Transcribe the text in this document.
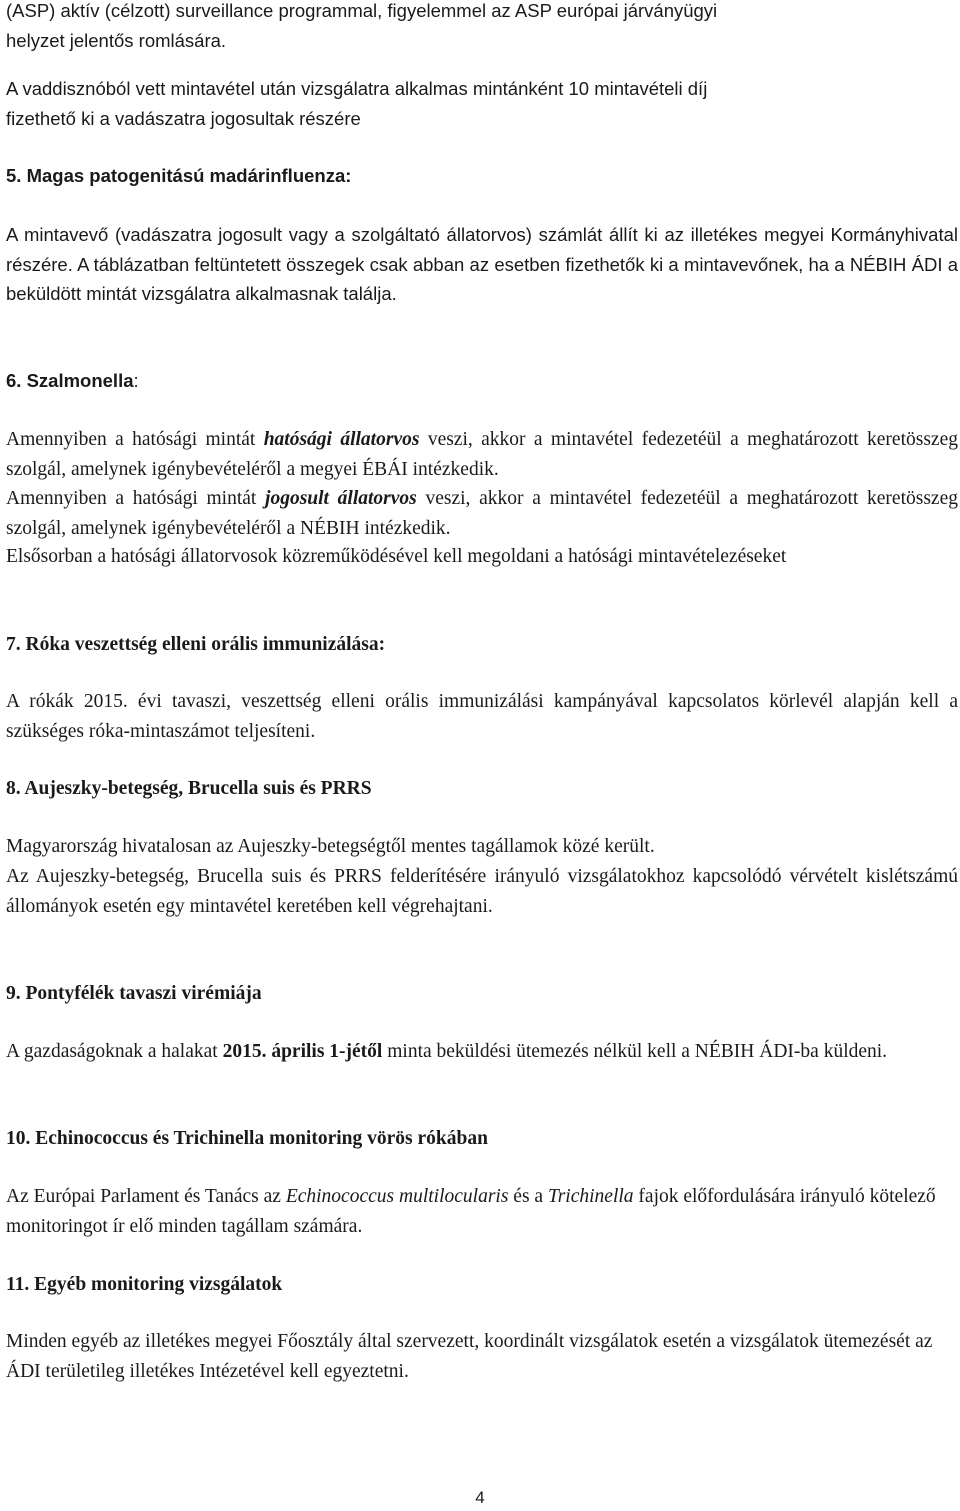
(ASP) aktív (célzott) surveillance programmal, figyelemmel az ASP európai járványügyi
helyzet jelentős romlására.
A vaddisznóból vett mintavétel után vizsgálatra alkalmas mintánként 10 mintavételi díj
fizethető ki a vadászatra jogosultak részére
5. Magas patogenitású madárinfluenza:
A mintavevő (vadászatra jogosult vagy a szolgáltató állatorvos) számlát állít ki az illetékes megyei Kormányhivatal részére. A táblázatban feltüntetett összegek csak abban az esetben fizethetők ki a mintavevőnek, ha a NÉBIH ÁDI a beküldött mintát vizsgálatra alkalmasnak találja.
6. Szalmonella:
Amennyiben a hatósági mintát hatósági állatorvos veszi, akkor a mintavétel fedezetéül a meghatározott keretösszeg szolgál, amelynek igénybevételéről a megyei ÉBÁI intézkedik.
Amennyiben a hatósági mintát jogosult állatorvos veszi, akkor a mintavétel fedezetéül a meghatározott keretösszeg szolgál, amelynek igénybevételéről a NÉBIH intézkedik.
Elsősorban a hatósági állatorvosok közreműködésével kell megoldani a hatósági mintavételezéseket
7. Róka veszettség elleni orális immunizálása:
A rókák 2015. évi tavaszi, veszettség elleni orális immunizálási kampányával kapcsolatos körlevél alapján kell a szükséges róka-mintaszámot teljesíteni.
8. Aujeszky-betegség, Brucella suis és PRRS
Magyarország hivatalosan az Aujeszky-betegségtől mentes tagállamok közé került.
Az Aujeszky-betegség, Brucella suis és PRRS felderítésére irányuló vizsgálatokhoz kapcsolódó vérvételt kislétszámú állományok esetén egy mintavétel keretében kell végrehajtani.
9. Pontyfélék tavaszi virémiája
A gazdaságoknak a halakat 2015. április 1-jétől minta beküldési ütemezés nélkül kell a NÉBIH ÁDI-ba küldeni.
10. Echinococcus és Trichinella monitoring vörös rókában
Az Európai Parlament és Tanács az Echinococcus multilocularis és a Trichinella fajok előfordulására irányuló kötelező monitoringot ír elő minden tagállam számára.
11. Egyéb monitoring vizsgálatok
Minden egyéb az illetékes megyei Főosztály által szervezett, koordinált vizsgálatok esetén a vizsgálatok ütemezését az ÁDI területileg illetékes Intézetével kell egyeztetni.
4
